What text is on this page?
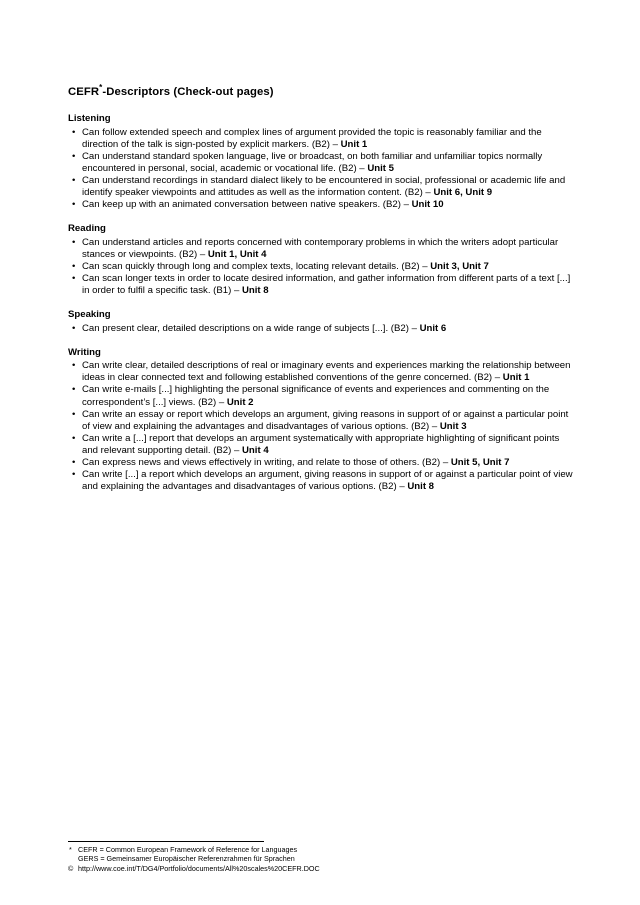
CEFR*-Descriptors (Check-out pages)
Listening
• Can follow extended speech and complex lines of argument provided the topic is reasonably familiar and the direction of the talk is sign-posted by explicit markers. (B2) – Unit 1
• Can understand standard spoken language, live or broadcast, on both familiar and unfamiliar topics normally encountered in personal, social, academic or vocational life. (B2) – Unit 5
• Can understand recordings in standard dialect likely to be encountered in social, professional or academic life and identify speaker viewpoints and attitudes as well as the information content. (B2) – Unit 6, Unit 9
• Can keep up with an animated conversation between native speakers. (B2) – Unit 10
Reading
• Can understand articles and reports concerned with contemporary problems in which the writers adopt particular stances or viewpoints. (B2) – Unit 1, Unit 4
• Can scan quickly through long and complex texts, locating relevant details. (B2) – Unit 3, Unit 7
• Can scan longer texts in order to locate desired information, and gather information from different parts of a text [...] in order to fulfil a specific task. (B1) – Unit 8
Speaking
• Can present clear, detailed descriptions on a wide range of subjects [...]. (B2) – Unit 6
Writing
• Can write clear, detailed descriptions of real or imaginary events and experiences marking the relationship between ideas in clear connected text and following established conventions of the genre concerned. (B2) – Unit 1
• Can write e-mails [...] highlighting the personal significance of events and experiences and commenting on the correspondent’s [...] views. (B2) – Unit 2
• Can write an essay or report which develops an argument, giving reasons in support of or against a particular point of view and explaining the advantages and disadvantages of various options. (B2) – Unit 3
• Can write a [...] report that develops an argument systematically with appropriate highlighting of significant points and relevant supporting detail. (B2) – Unit 4
• Can express news and views effectively in writing, and relate to those of others. (B2) – Unit 5, Unit 7
• Can write [...] a report which develops an argument, giving reasons in support of or against a particular point of view and explaining the advantages and disadvantages of various options. (B2) – Unit 8
* CEFR = Common European Framework of Reference for Languages
GERS = Gemeinsamer Europäischer Referenzrahmen für Sprachen
© http://www.coe.int/T/DG4/Portfolio/documents/All%20scales%20CEFR.DOC
